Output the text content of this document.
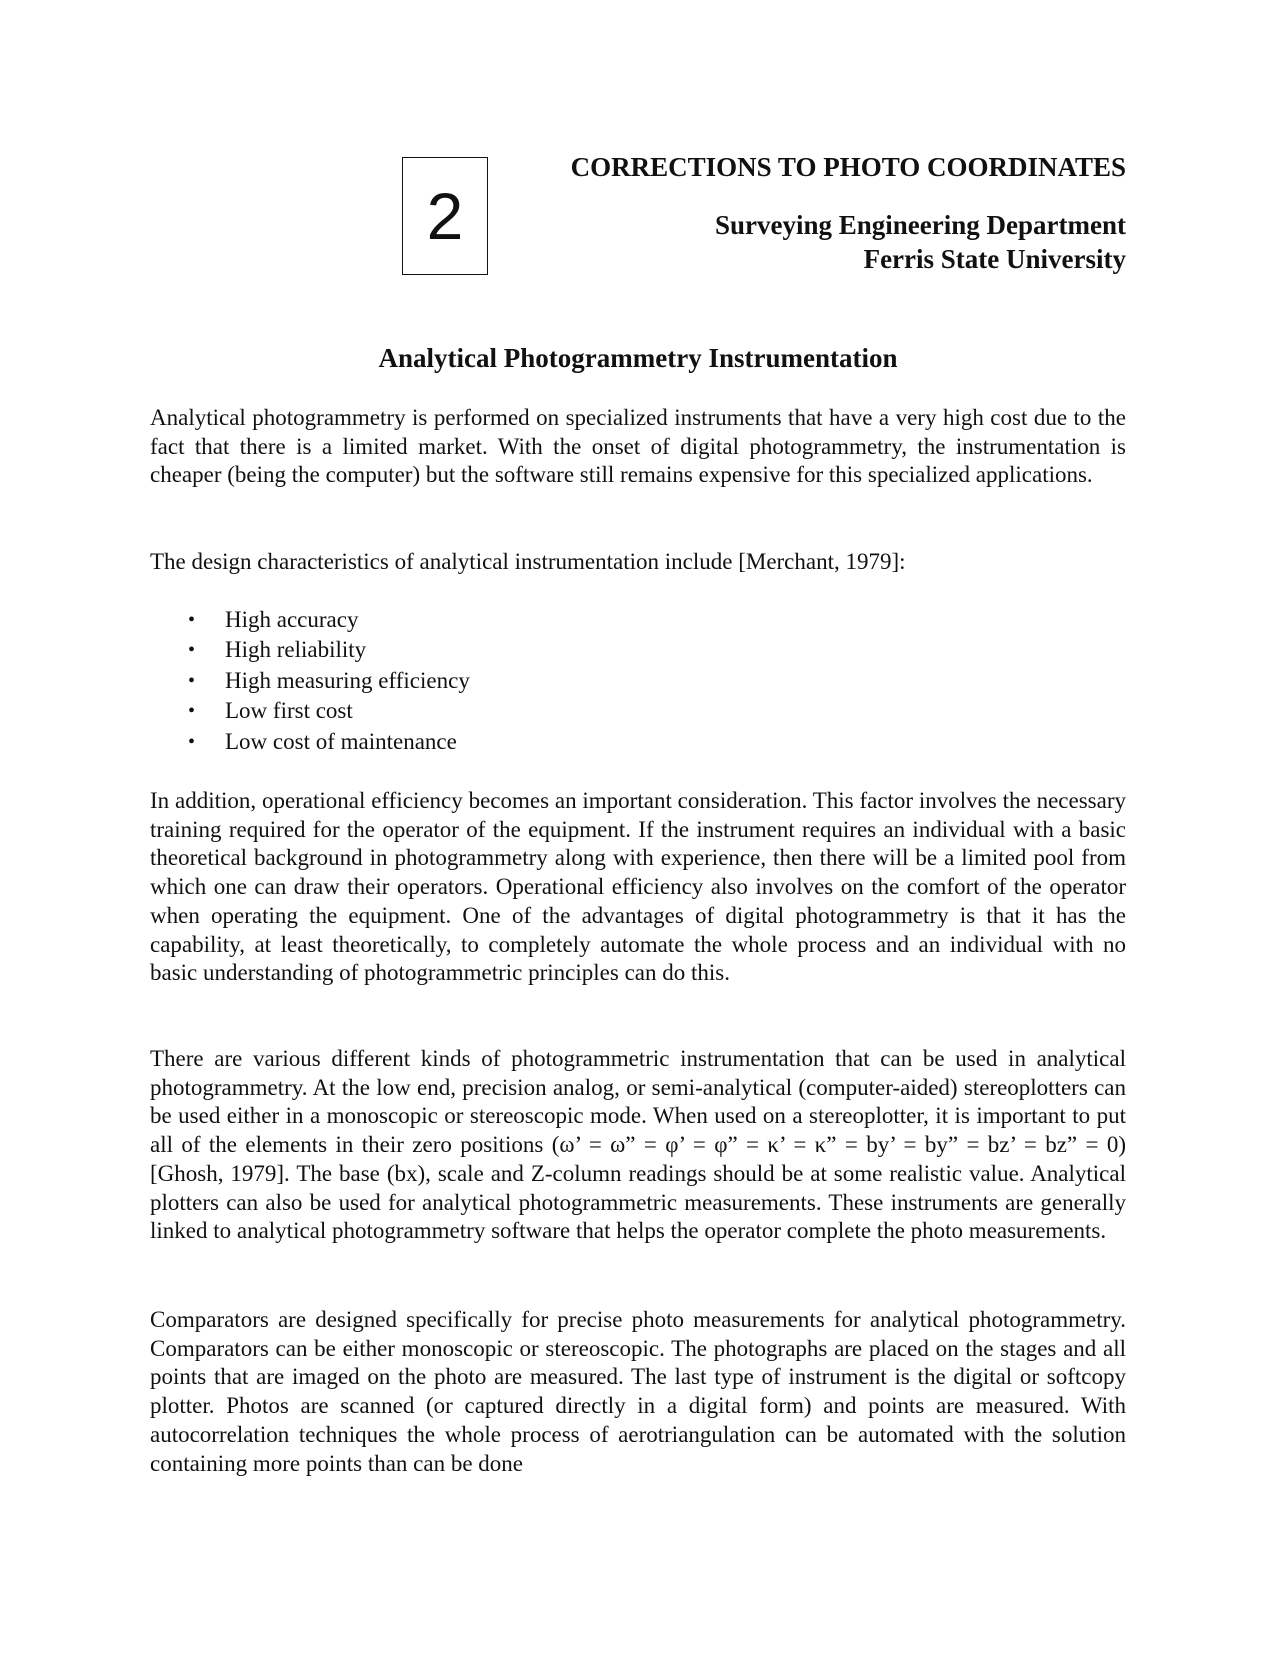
2

CORRECTIONS TO PHOTO COORDINATES

Surveying Engineering Department

Ferris State University

Analytical Photogrammetry Instrumentation

Analytical photogrammetry is performed on specialized instruments that have a very high cost due to the fact that there is a limited market. With the onset of digital photogrammetry, the instrumentation is cheaper (being the computer) but the software still remains expensive for this specialized applications.

The design characteristics of analytical instrumentation include [Merchant, 1979]:

• High accuracy
• High reliability
• High measuring efficiency
• Low first cost
• Low cost of maintenance

In addition, operational efficiency becomes an important consideration. This factor involves the necessary training required for the operator of the equipment. If the instrument requires an individual with a basic theoretical background in photogrammetry along with experience, then there will be a limited pool from which one can draw their operators. Operational efficiency also involves on the comfort of the operator when operating the equipment. One of the advantages of digital photogrammetry is that it has the capability, at least theoretically, to completely automate the whole process and an individual with no basic understanding of photogrammetric principles can do this.

There are various different kinds of photogrammetric instrumentation that can be used in analytical photogrammetry. At the low end, precision analog, or semi-analytical (computer-aided) stereoplotters can be used either in a monoscopic or stereoscopic mode. When used on a stereoplotter, it is important to put all of the elements in their zero positions (ω’ = ω” = φ’ = φ” = κ’ = κ” = by’ = by” = bz’ = bz” = 0) [Ghosh, 1979]. The base (bx), scale and Z-column readings should be at some realistic value. Analytical plotters can also be used for analytical photogrammetric measurements. These instruments are generally linked to analytical photogrammetry software that helps the operator complete the photo measurements.

Comparators are designed specifically for precise photo measurements for analytical photogrammetry. Comparators can be either monoscopic or stereoscopic. The photographs are placed on the stages and all points that are imaged on the photo are measured. The last type of instrument is the digital or softcopy plotter. Photos are scanned (or captured directly in a digital form) and points are measured. With autocorrelation techniques the whole process of aerotriangulation can be automated with the solution containing more points than can be done
